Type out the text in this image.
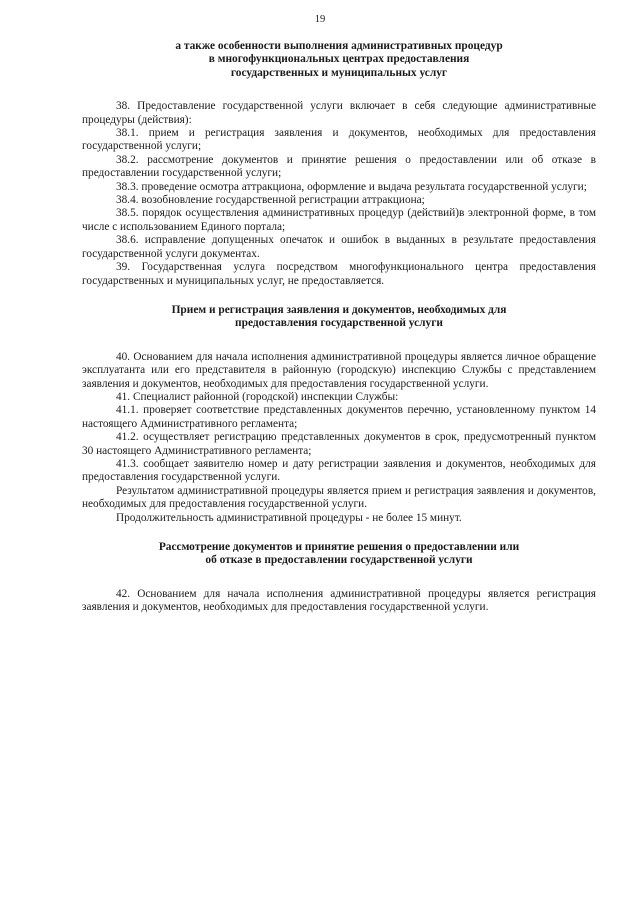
19

а также особенности выполнения административных процедур

в многофункциональных центрах предоставления

государственных и муниципальных услуг

38. Предоставление государственной услуги включает в себя следующие административные процедуры (действия):

38.1. прием и регистрация заявления и документов, необходимых для предоставления государственной услуги;

38.2. рассмотрение документов и принятие решения о предоставлении или об отказе в предоставлении государственной услуги;

38.3. проведение осмотра аттракциона, оформление и выдача результата государственной услуги;

38.4. возобновление государственной регистрации аттракциона;

38.5. порядок осуществления административных процедур (действий)в электронной форме, в том числе с использованием Единого портала;

38.6. исправление допущенных опечаток и ошибок в выданных в результате предоставления государственной услуги документах.

39. Государственная услуга посредством многофункционального центра предоставления государственных и муниципальных услуг, не предоставляется.

Прием и регистрация заявления и документов, необходимых для

предоставления государственной услуги

40. Основанием для начала исполнения административной процедуры является личное обращение эксплуатанта или его представителя в районную (городскую) инспекцию Службы с представлением заявления и документов, необходимых для предоставления государственной услуги.

41. Специалист районной (городской) инспекции Службы:

41.1. проверяет соответствие представленных документов перечню, установленному пунктом 14 настоящего Административного регламента;

41.2. осуществляет регистрацию представленных документов в срок, предусмотренный пунктом 30 настоящего Административного регламента;

41.3. сообщает заявителю номер и дату регистрации заявления и документов, необходимых для предоставления государственной услуги.

Результатом административной процедуры является прием и регистрация заявления и документов, необходимых для предоставления государственной услуги.

Продолжительность административной процедуры - не более 15 минут.

Рассмотрение документов и принятие решения о предоставлении или

об отказе в предоставлении государственной услуги

42. Основанием для начала исполнения административной процедуры является регистрация заявления и документов, необходимых для предоставления государственной услуги.
